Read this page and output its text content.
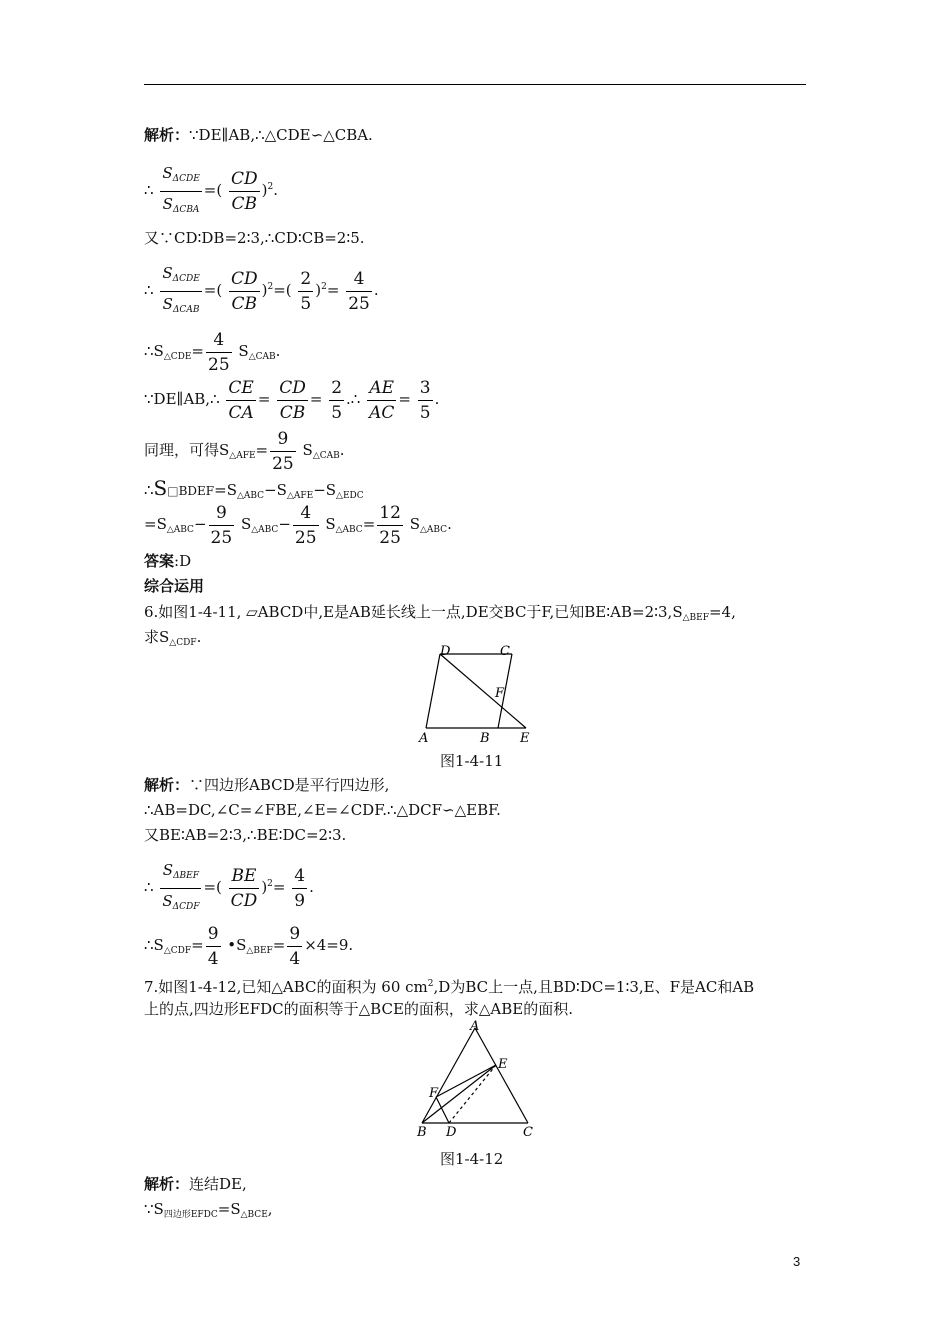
解析：∵DE∥AB,∴△CDE∽△CBA.
∴ $\frac{S_{\Delta CDE}}{S_{\Delta CBA}}$ =( $\frac{CD}{CB} )^2$.
又∵CD∶DB=2∶3,∴CD∶CB=2∶5.
∴ $\frac{S_{\Delta CDE}}{S_{\Delta CAB}}$ =( $\frac{CD}{CB} )^2=( \frac{2}{5} )^2= \frac{4}{25}$ .
$\therefore S_{\triangle CDE}= \frac{4}{25} S_{\triangle CAB}$.
∵DE∥AB,∴ $\frac{CE}{CA} = \frac{CD}{CB} = \frac{2}{5}$ .∴ $\frac{AE}{AC} = \frac{3}{5}$ .
同理，可得$S_{\triangle AFE}= \frac{9}{25} S_{\triangle CAB}$.
$\therefore S□BDEF=S_{\triangle ABC}-S_{\triangle AFE}-S_{\triangle EDC}$
$=S_{\triangle ABC}- \frac{9}{25} S_{\triangle ABC}- \frac{4}{25} S_{\triangle ABC}= \frac{12}{25} S_{\triangle ABC}$.
答案:D
综合运用
6.如图1-4-11, ▱ABCD中,E是AB延长线上一点,DE交BC于F,已知$BE∶AB=2∶3,S_{\triangle BEF}=4$,
求$S_{\triangle CDF}$.
D	C
F
A	B E
图1-4-11
解析：∵四边形ABCD是平行四边形,
∴AB=DC,∠C=∠FBE,∠E=∠CDF.∴△DCF∽△EBF.
又BE∶AB=2∶3,∴BE∶DC=2∶3.
∴ $\frac{S_{\Delta BEF}}{S_{\Delta CDF}}$ =( $\frac{BE}{CD} )^2= \frac{4}{9}$ .
$\therefore S_{\triangle CDF}= \frac{9}{4}$ $•S_{\triangle BEF}= \frac{9}{4} \times 4=9$.
7.如图1-4-12,已知△ABC的面积为 60 $cm^2,D$为BC上一点,且BD∶DC=1∶3,E、F是AC和AB
上的点,四边形EFDC的面积等于△BCE的面积，求△ABE的面积.
A
E
F
B D	C
图1-4-12
解析：连结DE,
$\because S_{四边形EFDC}=S_{\triangle BCE}$,
3
